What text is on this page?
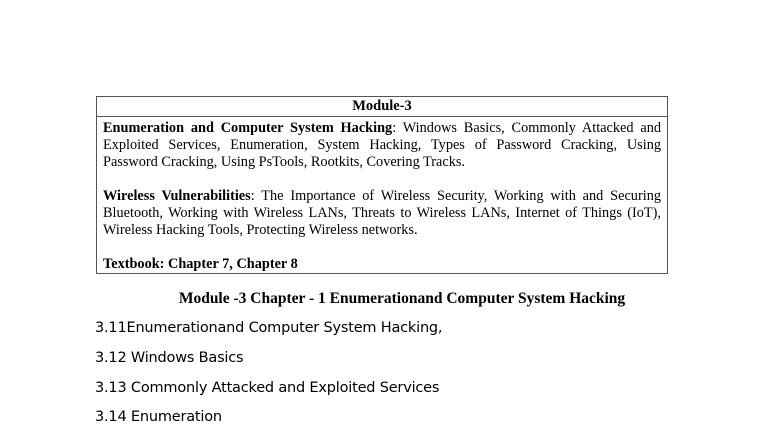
Module-3

Enumeration and Computer System Hacking: Windows Basics, Commonly Attacked and Exploited Services, Enumeration, System Hacking, Types of Password Cracking, Using Password Cracking, Using PsTools, Rootkits, Covering Tracks.

Wireless Vulnerabilities: The Importance of Wireless Security, Working with and Securing Bluetooth, Working with Wireless LANs, Threats to Wireless LANs, Internet of Things (IoT), Wireless Hacking Tools, Protecting Wireless networks.

Textbook: Chapter 7, Chapter 8

Module -3 Chapter - 1 Enumerationand Computer System Hacking
3.11Enumerationand Computer System Hacking,
3.12 Windows Basics
3.13 Commonly Attacked and Exploited Services
3.14 Enumeration
